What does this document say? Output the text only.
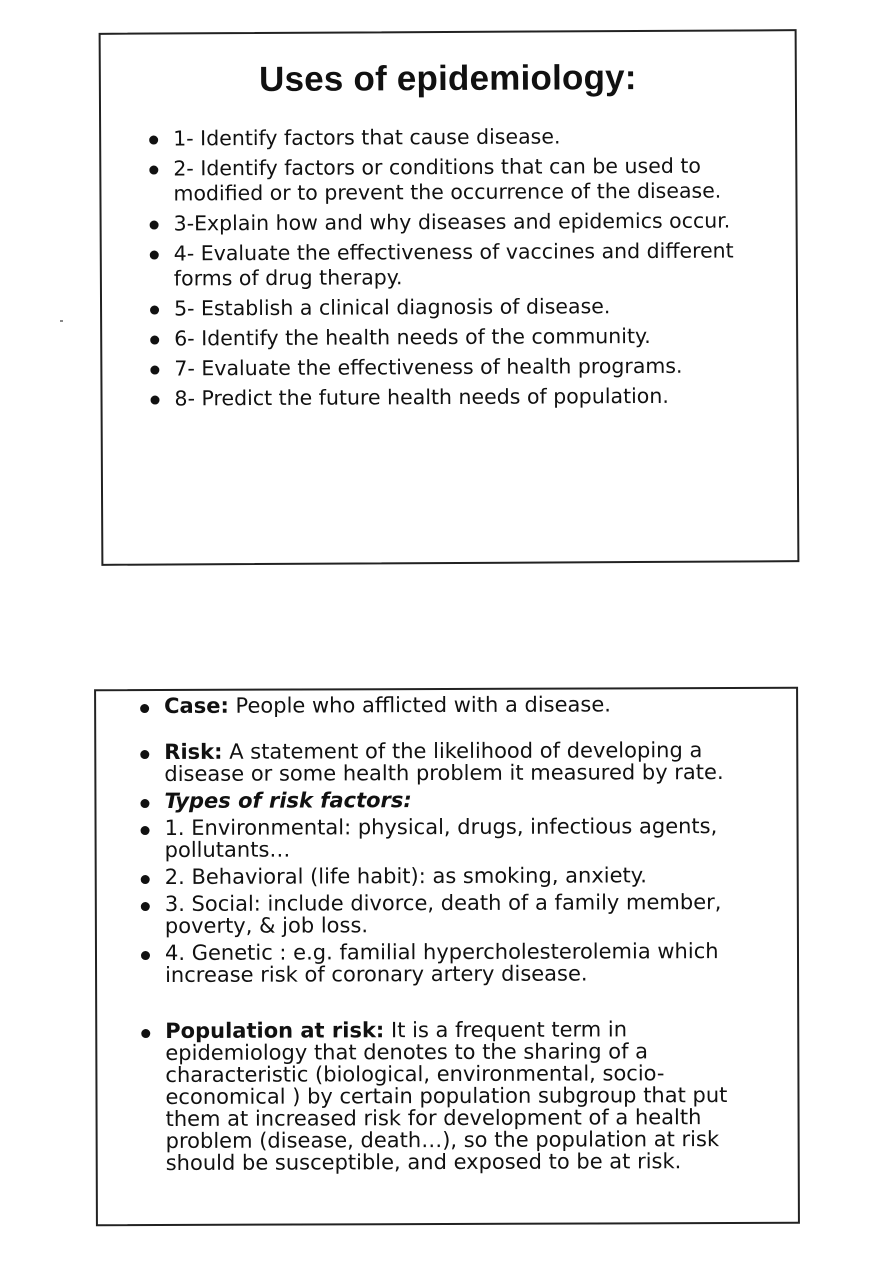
Uses of epidemiology:
1- Identify factors that cause disease.
2- Identify factors or conditions that can be used to modified or to prevent the occurrence of the disease.
3-Explain how and why diseases and epidemics occur.
4- Evaluate the effectiveness of vaccines and different forms of drug therapy.
5- Establish a clinical diagnosis of disease.
6- Identify the health needs of the community.
7- Evaluate the effectiveness of health programs.
8- Predict the future health needs of population.
Case: People who afflicted with a disease.
Risk: A statement of the likelihood of developing a disease or some health problem it measured by rate.
Types of risk factors:
1. Environmental: physical, drugs, infectious agents, pollutants…
2. Behavioral (life habit): as smoking, anxiety.
3. Social: include divorce, death of a family member, poverty, & job loss.
4. Genetic : e.g. familial hypercholesterolemia which increase risk of coronary artery disease.
Population at risk: It is a frequent term in epidemiology that denotes to the sharing of a characteristic (biological, environmental, socio-economical ) by certain population subgroup that put them at increased risk for development of a health problem (disease, death…), so the population at risk should be susceptible, and exposed to be at risk.
